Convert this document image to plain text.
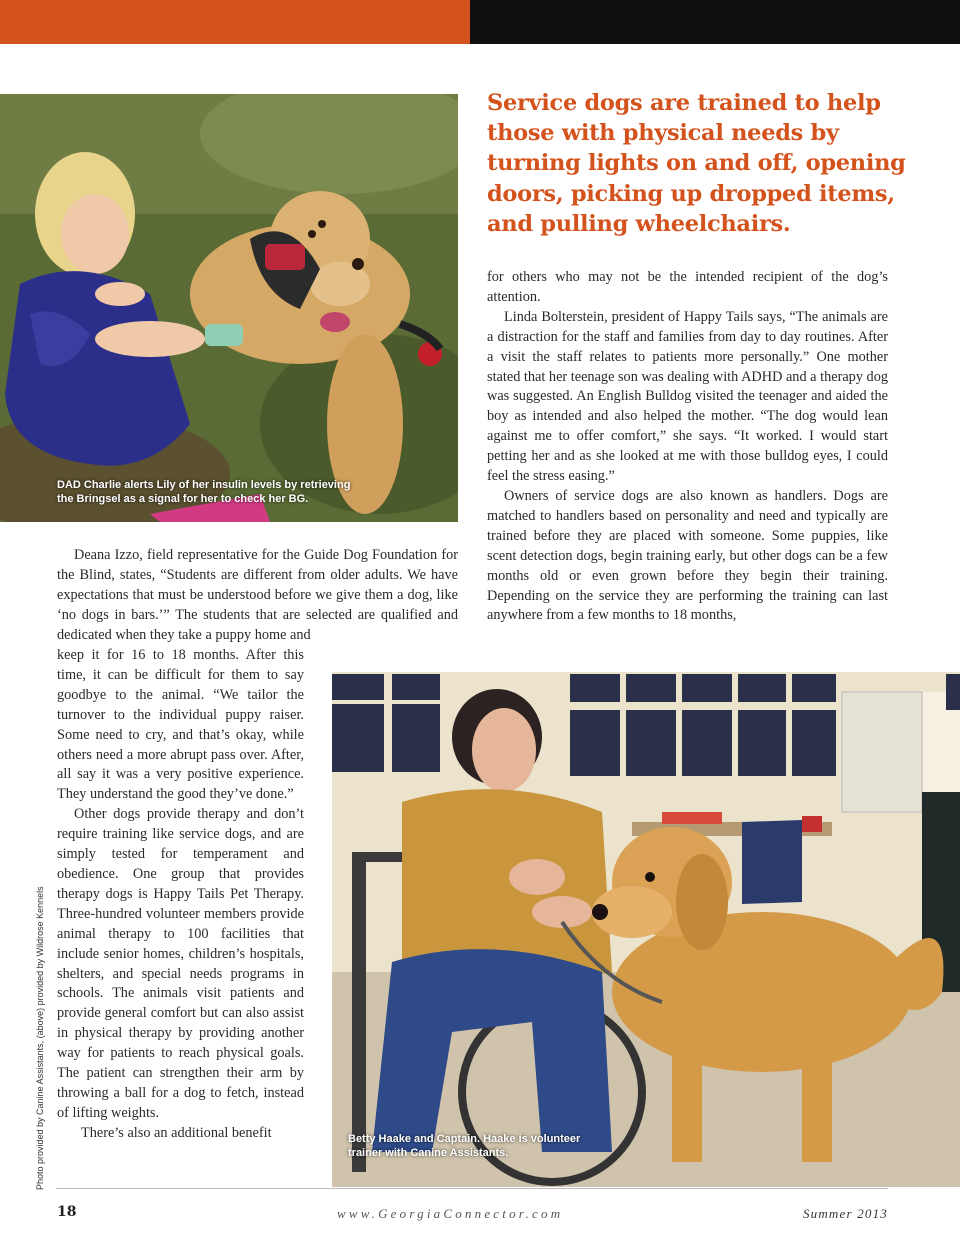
DAD Charlie alerts Lily of her insulin levels by retrieving
the Bringsel as a signal for her to check her BG.
Service dogs are trained to help those with physical needs by turning lights on and off, opening doors, picking up dropped items, and pulling wheelchairs.

for others who may not be the intended recipient of the dog’s attention.

Linda Bolterstein, president of Happy Tails says, “The animals are a distraction for the staff and families from day to day routines. After a visit the staff relates to patients more personally.” One mother stated that her teenage son was dealing with ADHD and a therapy dog was suggested. An English Bulldog visited the teenager and aided the boy as intended and also helped the mother. “The dog would lean against me to offer comfort,” she says. “It worked. I would start petting her and as she looked at me with those bulldog eyes, I could feel the stress easing.”

Owners of service dogs are also known as handlers. Dogs are matched to handlers based on personality and need and typically are trained before they are placed with someone. Some puppies, like scent detection dogs, begin training early, but other dogs can be a few months old or even grown before they begin their training. Depending on the service they are performing the training can last anywhere from a few months to 18 months,

Deana Izzo, field representative for the Guide Dog Foundation for the Blind, states, “Students are different from older adults. We have expectations that must be understood before we give them a dog, like ‘no dogs in bars.’” The students that are selected are qualified and dedicated when they take a puppy home and

keep it for 16 to 18 months. After this time, it can be difficult for them to say goodbye to the animal. “We tailor the turnover to the individual puppy raiser. Some need to cry, and that’s okay, while others need a more abrupt pass over. After, all say it was a very positive experience. They understand the good they’ve done.”

Other dogs provide therapy and don’t require training like service dogs, and are simply tested for temperament and obedience. One group that provides therapy dogs is Happy Tails Pet Therapy. Three-hundred volunteer members provide animal therapy to 100 facilities that include senior homes, children’s hospitals, shelters, and special needs programs in schools. The animals visit patients and provide general comfort but can also assist in physical therapy by providing another way for patients to reach physical goals. The patient can strengthen their arm by throwing a ball for a dog to fetch, instead of lifting weights.

There’s also an additional benefit	Betty Haake and Captain. Haake is volunteer
trainer with Canine Assistants.
Photo provided by Canine Assistants, (above) provided by Wildrose Kennels
18	www.GeorgiaConnector.com	Summer 2013
